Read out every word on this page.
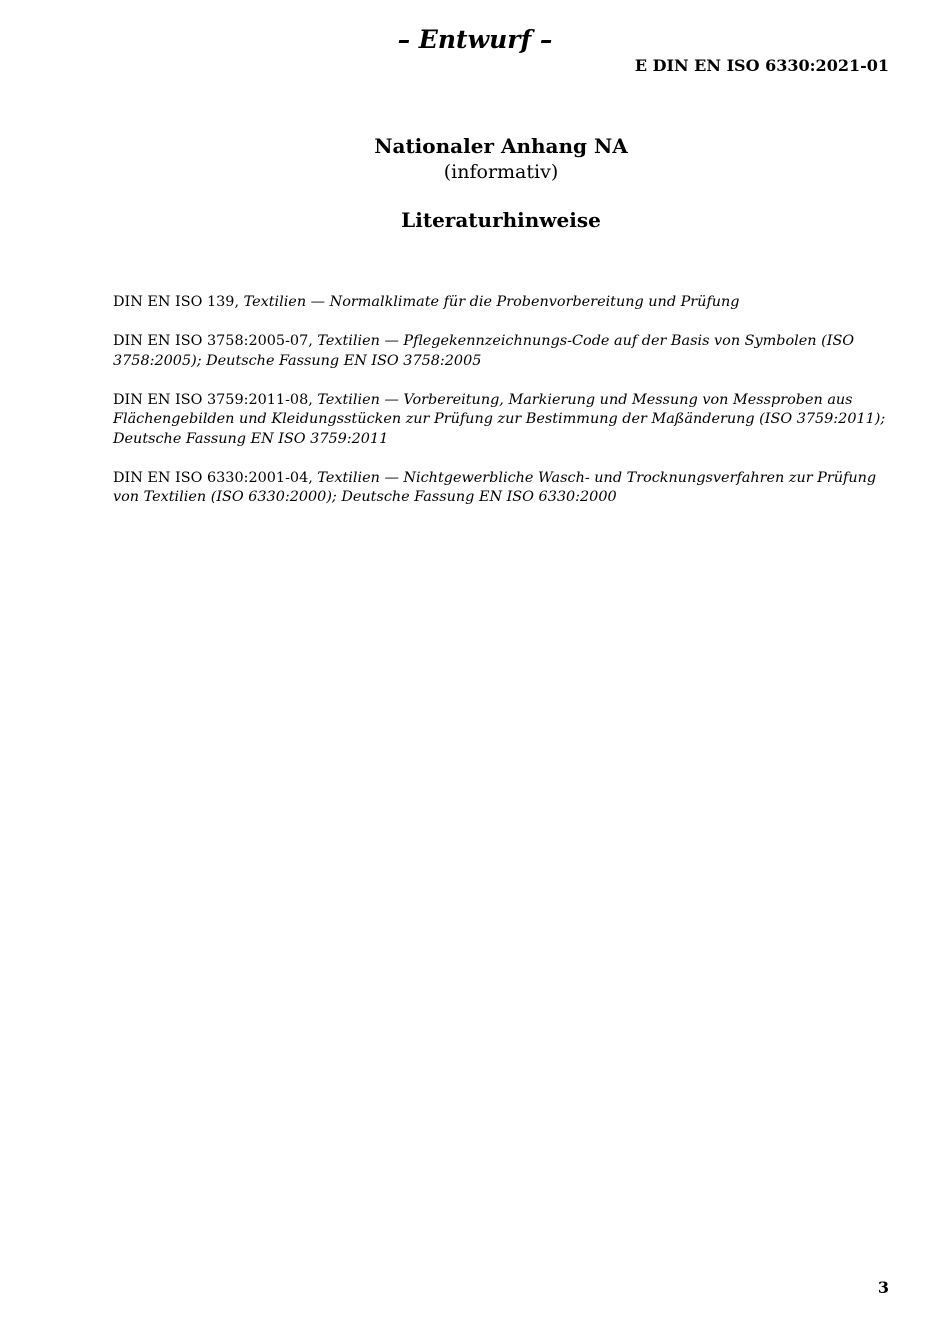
– Entwurf –
E DIN EN ISO 6330:2021-01
Nationaler Anhang NA
(informativ)
Literaturhinweise

DIN EN ISO 139, Textilien — Normalklimate für die Probenvorbereitung und Prüfung

DIN EN ISO 3758:2005-07, Textilien — Pflegekennzeichnungs-Code auf der Basis von Symbolen (ISO 3758:2005); Deutsche Fassung EN ISO 3758:2005

DIN EN ISO 3759:2011-08, Textilien — Vorbereitung, Markierung und Messung von Messproben aus Flächengebilden und Kleidungsstücken zur Prüfung zur Bestimmung der Maßänderung (ISO 3759:2011); Deutsche Fassung EN ISO 3759:2011

DIN EN ISO 6330:2001-04, Textilien — Nichtgewerbliche Wasch- und Trocknungsverfahren zur Prüfung von Textilien (ISO 6330:2000); Deutsche Fassung EN ISO 6330:2000

3
